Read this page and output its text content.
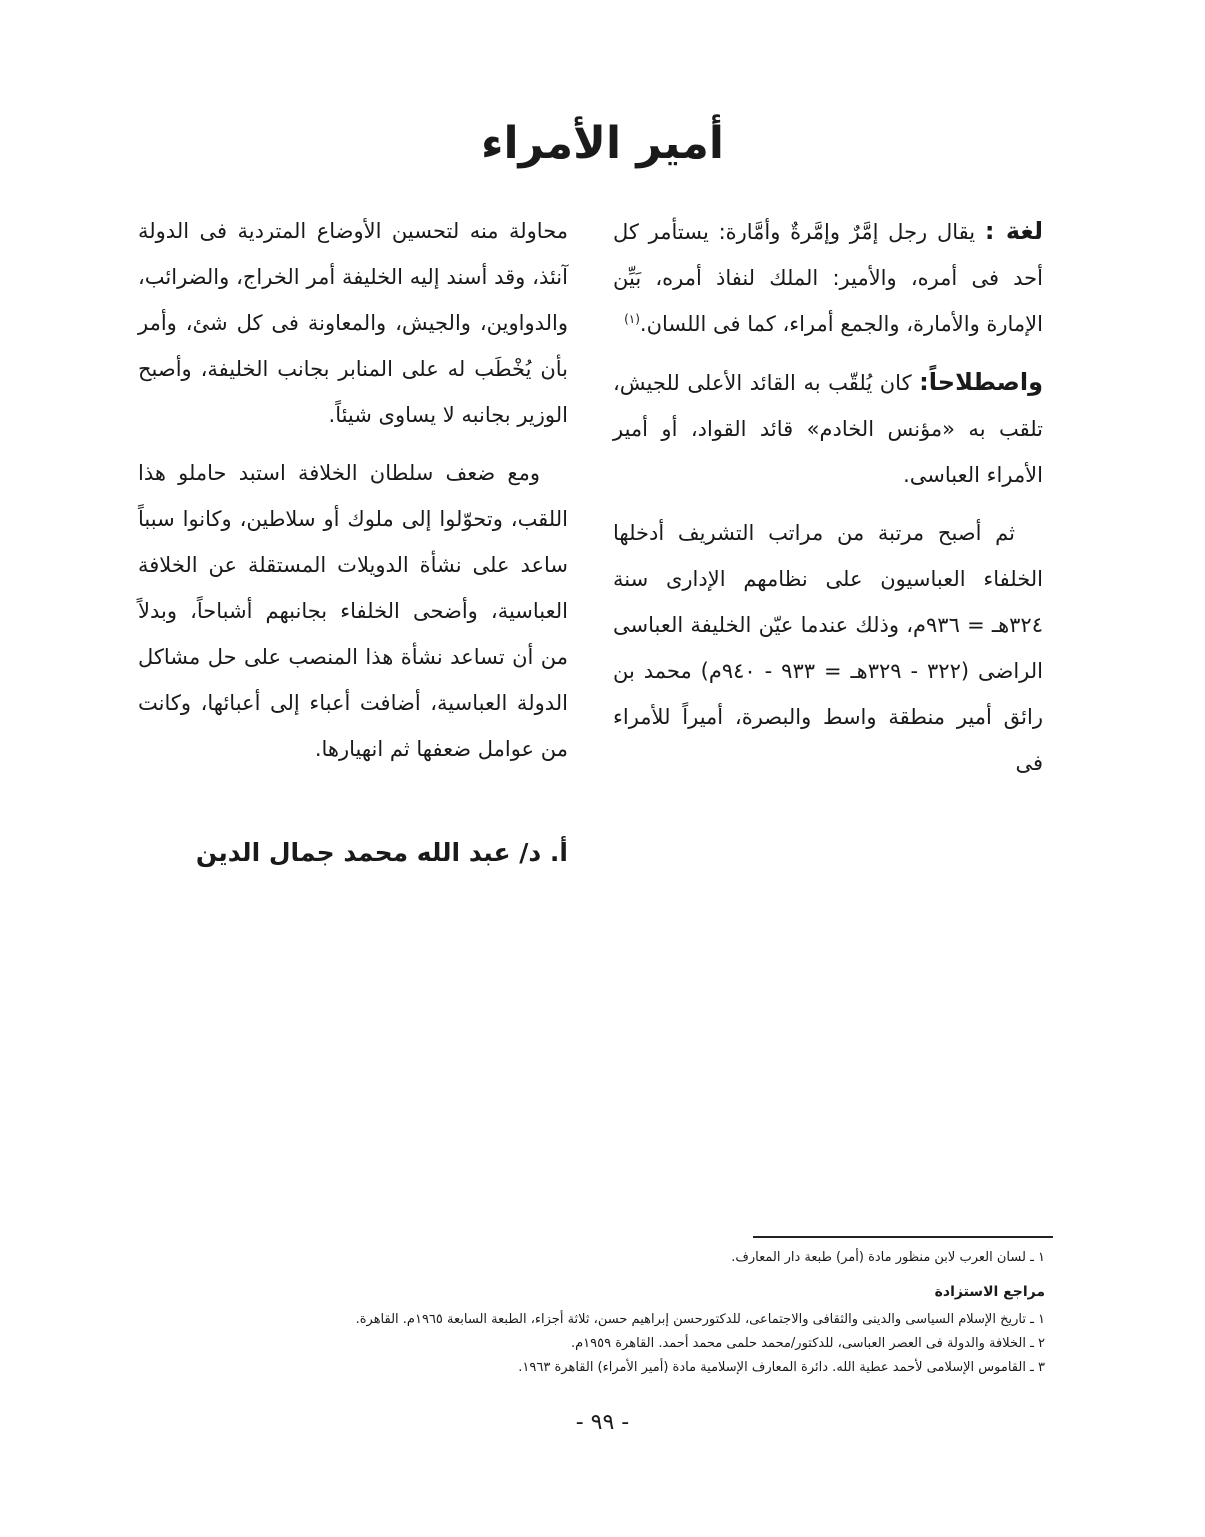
أمير الأمراء

لغة : يقال رجل إمَّرٌ وإمَّرةٌ وأمَّارة: يستأمر كل أحد فى أمره، والأمير: الملك لنفاذ أمره، بَيِّن الإمارة والأمارة، والجمع أمراء، كما فى اللسان.$^{(١)}$

واصطلاحاً: كان يُلقّب به القائد الأعلى للجيش، تلقب به «مؤنس الخادم» قائد القواد، أو أمير الأمراء العباسى.

ثم أصبح مرتبة من مراتب التشريف أدخلها الخلفاء العباسيون على نظامهم الإدارى سنة ٣٢٤هـ = ٩٣٦م، وذلك عندما عيّن الخليفة العباسى الراضى (٣٢٢ - ٣٢٩هـ = ٩٣٣ - ٩٤٠م) محمد بن رائق أمير منطقة واسط والبصرة، أميراً للأمراء فى

محاولة منه لتحسين الأوضاع المتردية فى الدولة آنئذ، وقد أسند إليه الخليفة أمر الخراج، والضرائب، والدواوين، والجيش، والمعاونة فى كل شئ، وأمر بأن يُخْطَب له على المنابر بجانب الخليفة، وأصبح الوزير بجانبه لا يساوى شيئاً.

ومع ضعف سلطان الخلافة استبد حاملو هذا اللقب، وتحوّلوا إلى ملوك أو سلاطين، وكانوا سبباً ساعد على نشأة الدويلات المستقلة عن الخلافة العباسية، وأضحى الخلفاء بجانبهم أشباحاً، وبدلاً من أن تساعد نشأة هذا المنصب على حل مشاكل الدولة العباسية، أضافت أعباء إلى أعبائها، وكانت من عوامل ضعفها ثم انهيارها.

أ. د/ عبد الله محمد جمال الدين

١ ـ لسان العرب لابن منظور مادة (أمر) طبعة دار المعارف.

مراجع الاستزادة

١ ـ تاريخ الإسلام السياسى والدينى والثقافى والاجتماعى، للدكتورحسن إبراهيم حسن، ثلاثة أجزاء، الطبعة السابعة ١٩٦٥م. القاهرة.

٢ ـ الخلافة والدولة فى العصر العباسى، للدكتور/محمد حلمى محمد أحمد. القاهرة ١٩٥٩م.

٣ ـ القاموس الإسلامى لأحمد عطية الله. دائرة المعارف الإسلامية مادة (أمير الأمراء) القاهرة ١٩٦٣.

- ٩٩ -
